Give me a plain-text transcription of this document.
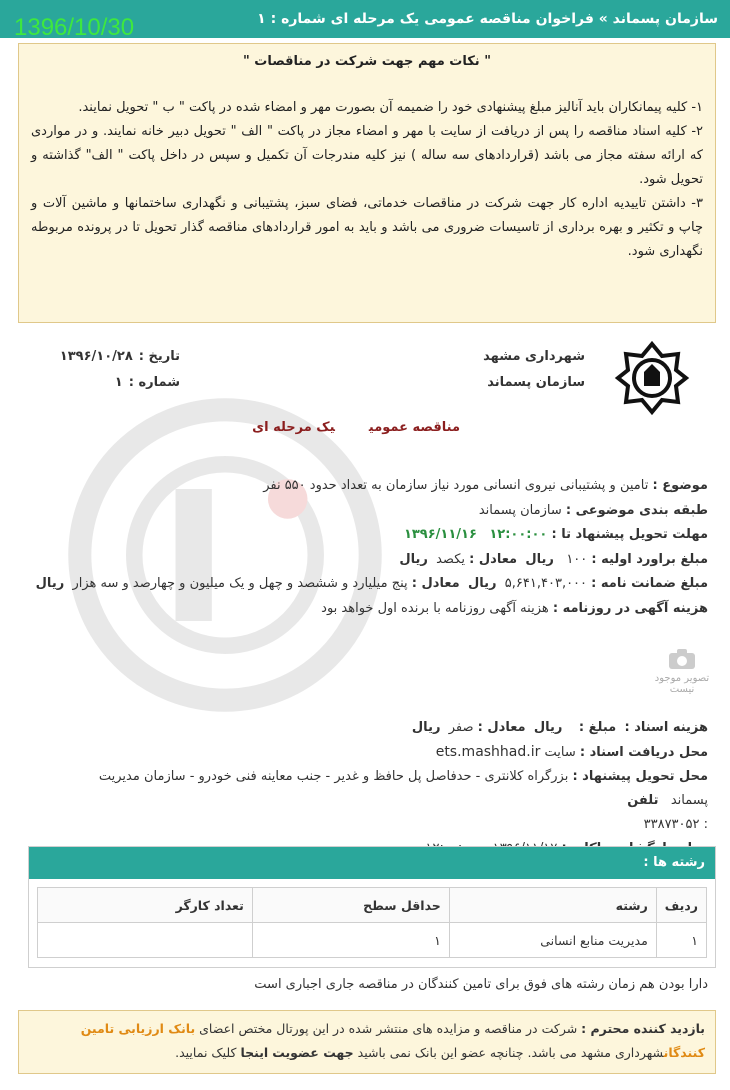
سازمان پسماند » فراخوان مناقصه عمومی یک مرحله ای شماره : ۱
1396/10/30
" نکات مهم جهت شرکت در مناقصات "

۱- کلیه پیمانکاران باید آنالیز مبلغ پیشنهادی خود را ضمیمه آن بصورت مهر و امضاء شده در پاکت " ب " تحویل نمایند.

۲- کلیه اسناد مناقصه را پس از دریافت از سایت با مهر و امضاء مجاز در پاکت " الف " تحویل دبیر خانه نمایند. و در مواردی که ارائه سفته مجاز می باشد (قراردادهای سه ساله ) نیز کلیه مندرجات آن تکمیل و سپس در داخل پاکت " الف" گذاشته و تحویل شود.

۳- داشتن تاییدیه اداره کار جهت شرکت در مناقصات خدماتی، فضای سبز، پشتیبانی و نگهداری ساختمانها و ماشین آلات و چاپ و تکثیر و بهره برداری از تاسیسات ضروری می باشد و باید به امور قراردادهای مناقصه گذار تحویل تا در پرونده مربوطه نگهداری شود.

شهرداری مشهد
سازمان پسماند
تاریخ :۱۳۹۶/۱۰/۲۸
شماره :۱
مناقصه عمومییک مرحله ای
موضوع : تامین و پشتیبانی نیروی انسانی مورد نیاز سازمان به تعداد حدود ۵۵۰ نفر
طبقه بندی موضوعی : سازمان پسماند
مهلت تحویل پیشنهاد تا : ۱۲:۰۰:۰۰   ۱۳۹۶/۱۱/۱۶
مبلغ براورد اولیه : ۱۰۰   ریال  معادل : یکصد  ریال
مبلغ ضمانت نامه : ۵,۶۴۱,۴۰۳,۰۰۰  ریال  معادل : پنج میلیارد و ششصد و چهل و یک میلیون و چهارصد و سه هزار  ریال
هزینه آگهی در روزنامه : هزینه آگهی روزنامه با برنده اول خواهد بود
تصویر موجود نیست
هزینه اسناد :  مبلغ :    ریال  معادل : صفر  ریال
محل دریافت اسناد : سایت ets.mashhad.ir
محل تحویل پیشنهاد : بزرگراه کلانتری - حدفاصل پل حافظ و غدیر - جنب معاینه فنی خودرو - سازمان مدیریت پسماند   تلفن
: ۳۳۸۷۳۰۵۲

رشته ها :
ردیف	رشته	حداقل سطح	تعداد کارگر
۱	مدیریت منابع انسانی	۱	
دارا بودن هم زمان رشته های فوق برای تامین کنندگان در مناقصه جاری اجباری است
بازدید کننده محترم : شرکت در مناقصه و مزایده های منتشر شده در این پورتال مختص اعضای بانک ارزیابی تامین کنندگانشهرداری مشهد می باشد. چنانچه عضو این بانک نمی باشید جهت عضویت اینجا کلیک نمایید.
